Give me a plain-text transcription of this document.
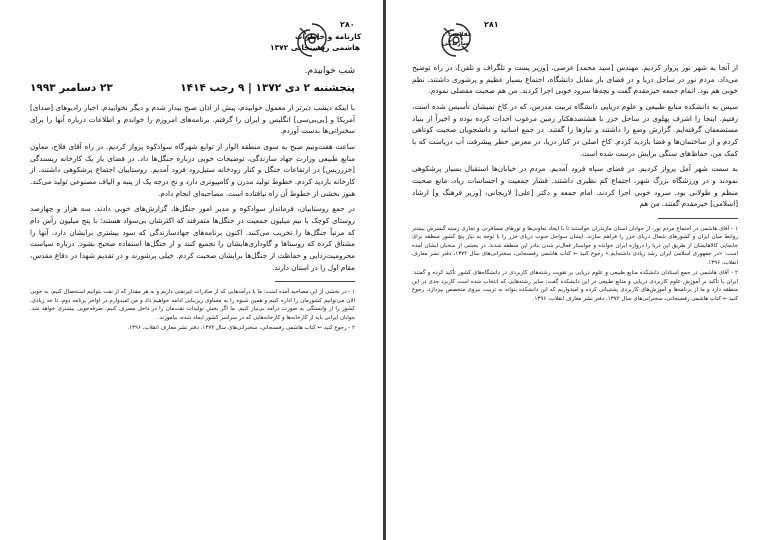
۲۸۰
کارنامه و خاطرات
هاشمی رفسنجانی ۱۳۷۲
شب خوابیدم.
پنجشنبه ۲ دی ۱۳۷۲ | ۹ رجب ۱۴۱۴
۲۳ دسامبر ۱۹۹۳

با اینکه دیشب دیرتر از معمول خوابیدم، پیش از اذان صبح بیدار شدم و دیگر نخوابیدم. اخبار رادیوهای [صدای] آمریکا و [بی‌بی‌سی] انگلیس و ایران را گرفتم. برنامه‌های امروزم را خواندم و اطلاعات درباره آنها را برای سخنرانی‌ها بدست آوردم.

ساعت هفت‌ونیم صبح به سوی منطقه الوار از توابع شهرگاه سوادکوه پرواز کردیم. در راه آقای فلاح، معاون منابع طبیعی وزارت جهاد سازندگی، توضیحات خوبی درباره جنگل‌ها داد. در فضای باز یک کارخانه ریسندگی [خزرریس] در ارتفاعات جنگل و کنار رودخانه ستیل‌رود فرود آمدیم. روستاییان اجتماع پرشکوهی داشتند. از کارخانه بازدید کردم. خطوط تولید مدرن و کامپیوتری دارد و نخ درجه یک از پنبه و الیاف مصنوعی تولید می‌کند. هنوز بخشی از خطوط آن راه نیافتاده است. مصاحبه‌ای انجام دادم.

در جمع روستاییان، فرماندار سوادکوه و مدیر امور جنگل‌ها، گزارش‌های خوبی دادند. سه هزار و چهارصد روستای کوچک با نیم میلیون جمعیت در جنگل‌ها متفرقند که اکثرشان بی‌سواد هستند؛ با پنج میلیون رأس دام که مرتباً جنگل‌ها را تخریب می‌کنند. اکنون برنامه‌های جهادسازندگی که سود بیشتری برایشان دارد، آنها را مشتاق کرده که روستاها و گاوداری‌هایشان را تجمیع کنند و از جنگل‌ها استفاده صحیح بشود. درباره سیاست محرومیت‌زدایی و حفاظت از جنگل‌ها برایشان صحبت کردم. خیلی پرشورند و در تقدیم شهدا در دفاع مقدس، مقام اول را در استان دارند.

۱ - در بخشی از این مصاحبه آمده است: ما با درآمدهایی که از صادرات غیرنفتی داریم و به هر مقدار که از نفت بتوانیم استحصال کنیم، به خوبی الان می‌توانیم کشورمان را اداره کنیم و همین شیوه را به مساوی زیربنایی ادامه خواهیم داد و من امیدوارم در اواخر برنامه دوم، تا حد زیادی، کشور را از وابستگی به صورت درآمد بی‌نیاز کنیم. ما اگر بخش تولیدات نفت‌مان را در داخل مصرف کنیم، صرفه‌جویی بیشتری خواهد شد. جوانان ایرانی باید از کارخانه‌ها و کارخانه‌هایی که در سراسر کشور ایجاد شده، بیاموزند.

۲ - رجوع کنید ← کتاب هاشمی رفسنجانی، سخنرانی‌های سال ۱۳۷۲، دفتر نشر معارف انقلاب، ۱۳۹۶.

۲۸۱
عقلانیت
سازندگی

از آنجا به شهر نور پرواز کردیم. مهندس [سید محمد] غرضی، [وزیر پست و تلگراف و تلفن]، در راه توضیح می‌داد. مردم نور در ساحل دریا و در فضای باز مقابل دانشگاه، اجتماع بسیار عظیم و پرشوری داشتند. نظم خوبی هم بود. اتمام جمعه خیرمقدم گفت و بچه‌ها سرود خوبی اجرا کردند. من هم صحبت مفصلی نمودم.

سپس به دانشکده منابع طبیعی و علوم دریایی دانشگاه تربیت مدرس، که در کاخ تمیشان تأسیس شده است، رفتیم. اینجا را اشرف پهلوی در ساحل خزر با هشتصدهکتار زمین مرغوب احداث کرده بوده و اخیراً از بنیاد مستضعفان گرفته‌ایم. گزارش وضع را داشتند و نیازها را گفتند. در جمع اساتید و دانشجویان صحبت کوتاهی کردم و از ساختمان‌ها و فضا بازدید کردم. کاخ اصلی در کنار دریا، در معرض خطر پیشرفت آب دریاست که با کمک من، حفاظ‌های سنگی برایش درست شده است.

به سمت شهر آمل پرواز کردیم. در فضای سپاه فرود آمدیم. مردم در خیابان‌ها استقبال بسیار پرشکوهی نمودند و در ورزشگاه بزرگ شهر، اجتماع کم نظیری داشتند. فشار جمعیت و احساسات زیاد، مانع صحبت منظم و طولانی بود. سرود خوبی اجرا کردند. امام جمعه و دکتر [علی] لاریجانی، [وزیر فرهنگ و] ارشاد [اسلامی] خیرمقدم گفتند. من هم

۱ - آقای هاشمی در اجتماع مردم نور، از جوانان استان مازندران خواستند تا با ایجاد تعاونی‌ها و تورهای مسافرتی و تجاری زمینه گسترش بیشتر روابط میان ایران و کشورهای شمال دریای خزر را فراهم سازند. ایشان سواحل جنوب دریای خزر را با توجه به نیاز پنج کشور منطقه برای جابجایی کالاهایشان از طریق این دریا را دروازه ایران خوانده و خواستار فعال‌تر شدن بنادر این منطقه شدند. در بخشی از سخنان ایشان آمده است: «در جمهوری اسلامی ایران رشد زیادی داشته‌ایم.» رجوع کنید ← کتاب هاشمی رفسنجانی، سخنرانی‌های سال ۱۳۷۲، دفتر نشر معارف انقلاب، ۱۳۹۶.

۲ - آقای هاشمی در جمع استادان دانشکده منابع طبیعی و علوم دریایی بر تقویت رشته‌های کاربردی در دانشگاه‌های کشور تأکید کرده و گفتند: ایران با تأکید بر آموزش علوم کاربردی دریایی و منابع طبیعی در این دانشکده گفت: سایر رشته‌هایی که انتخاب شده است کاربرد جدی در این منطقه دارد و ما از برنامه‌ها و آموزش‌های کاربردی پشتیبانی کرده و امیدواریم که این دانشکده بتواند به تربیت نیروی متخصص بپردازد. رجوع کنید ← کتاب هاشمی رفسنجانی، سخنرانی‌های سال ۱۳۷۲، دفتر نشر معارف انقلاب، ۱۳۹۶.
